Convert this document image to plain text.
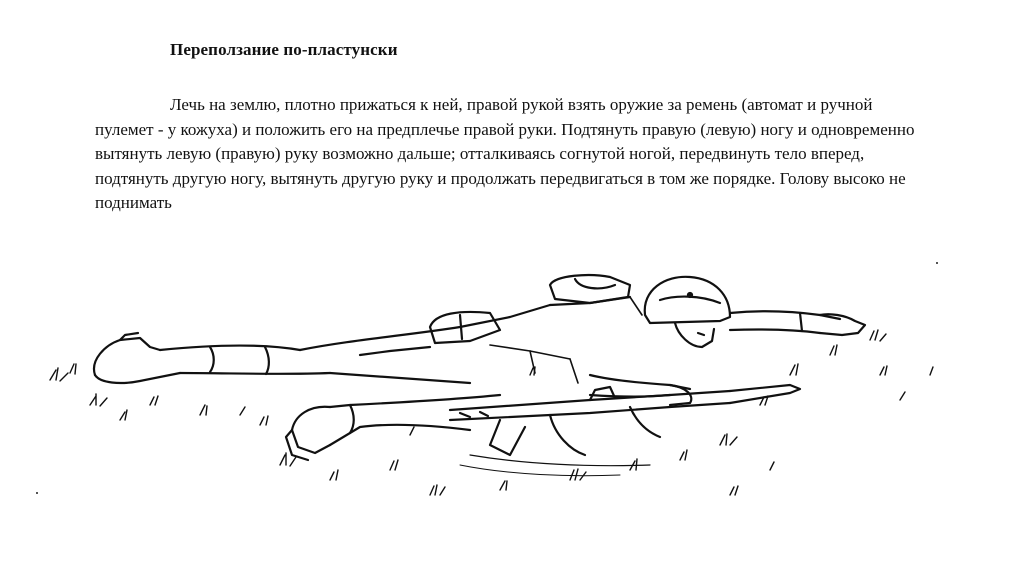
Переползание по-пластунски

Лечь на землю, плотно прижаться к ней, правой рукой взять оружие за ремень (автомат и ручной пулемет - у кожуха) и положить его на предплечье правой руки. Подтянуть правую (левую) ногу и одновременно вытянуть левую (правую) руку возможно дальше; отталкиваясь согнутой ногой, передвинуть тело вперед, подтянуть другую ногу, вытянуть другую руку и продолжать передвигаться в том же порядке. Голову высоко не поднимать
